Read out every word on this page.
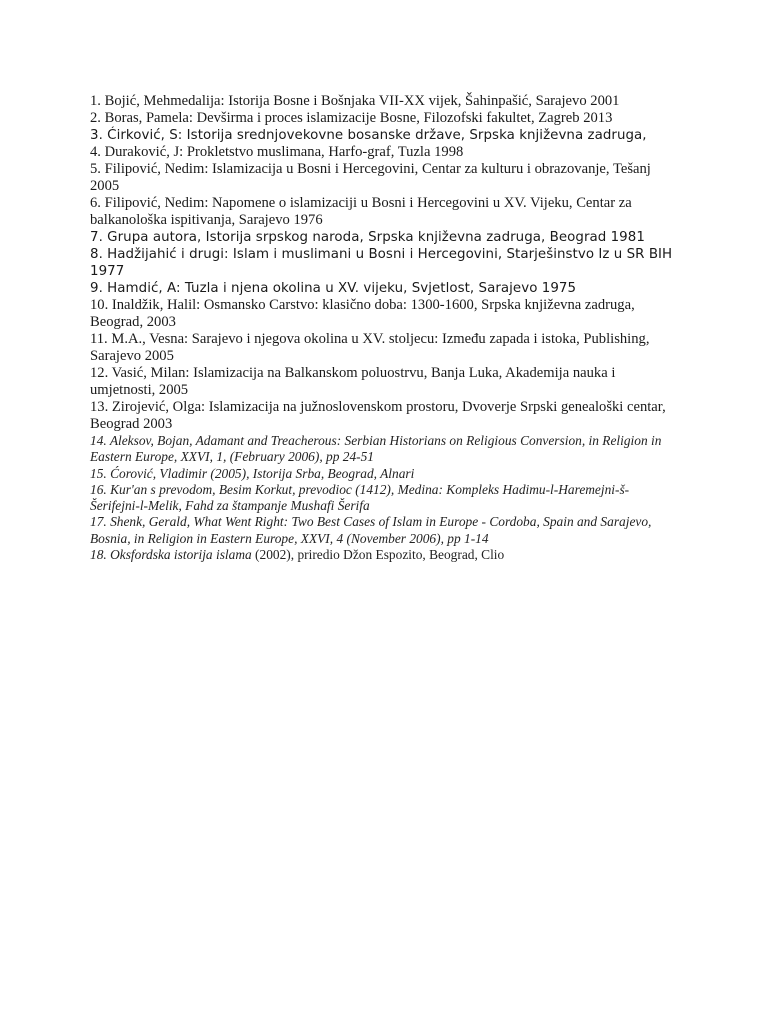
1. Bojić, Mehmedalija: Istorija Bosne i Bošnjaka VII-XX vijek, Šahinpašić, Sarajevo 2001
2. Boras, Pamela: Devširma i proces islamizacije Bosne, Filozofski fakultet, Zagreb 2013
3. Ćirković, S: Istorija srednjovekovne bosanske države, Srpska književna zadruga,
4. Duraković, J: Prokletstvo muslimana, Harfo-graf, Tuzla 1998
5. Filipović, Nedim: Islamizacija u Bosni i Hercegovini, Centar za kulturu i obrazovanje, Tešanj 2005
6. Filipović, Nedim: Napomene o islamizaciji u Bosni i Hercegovini u XV. Vijeku, Centar za balkanološka ispitivanja, Sarajevo 1976
7. Grupa autora, Istorija srpskog naroda, Srpska književna zadruga, Beograd 1981
8. Hadžijahić i drugi: Islam i muslimani u Bosni i Hercegovini, Starješinstvo Iz u SR BIH 1977
9. Hamdić, A: Tuzla i njena okolina u XV. vijeku, Svjetlost, Sarajevo 1975
10. Inaldžik, Halil: Osmansko Carstvo: klasično doba: 1300-1600, Srpska književna zadruga, Beograd, 2003
11. M.A., Vesna: Sarajevo i njegova okolina u XV. stoljecu: Između zapada i istoka, Publishing, Sarajevo 2005
12. Vasić, Milan: Islamizacija na Balkanskom poluostrvu, Banja Luka, Akademija nauka i umjetnosti, 2005
13. Zirojević, Olga: Islamizacija na južnoslovenskom prostoru, Dvoverje Srpski genealoški centar, Beograd 2003
14. Aleksov, Bojan, Adamant and Treacherous: Serbian Historians on Religious Conversion, in Religion in Eastern Europe, XXVI, 1, (February 2006), pp 24-51
15. Ćorović, Vladimir (2005), Istorija Srba, Beograd, Alnari
16. Kur'an s prevodom, Besim Korkut, prevodioc (1412), Medina: Kompleks Hadimu-l-Haremejni-š-Šerifejni-l-Melik, Fahd za štampanje Mushafi Šerifa
17. Shenk, Gerald, What Went Right: Two Best Cases of Islam in Europe - Cordoba, Spain and Sarajevo, Bosnia, in Religion in Eastern Europe, XXVI, 4 (November 2006), pp 1-14
18. Oksfordska istorija islama (2002), priredio Džon Espozito, Beograd, Clio
